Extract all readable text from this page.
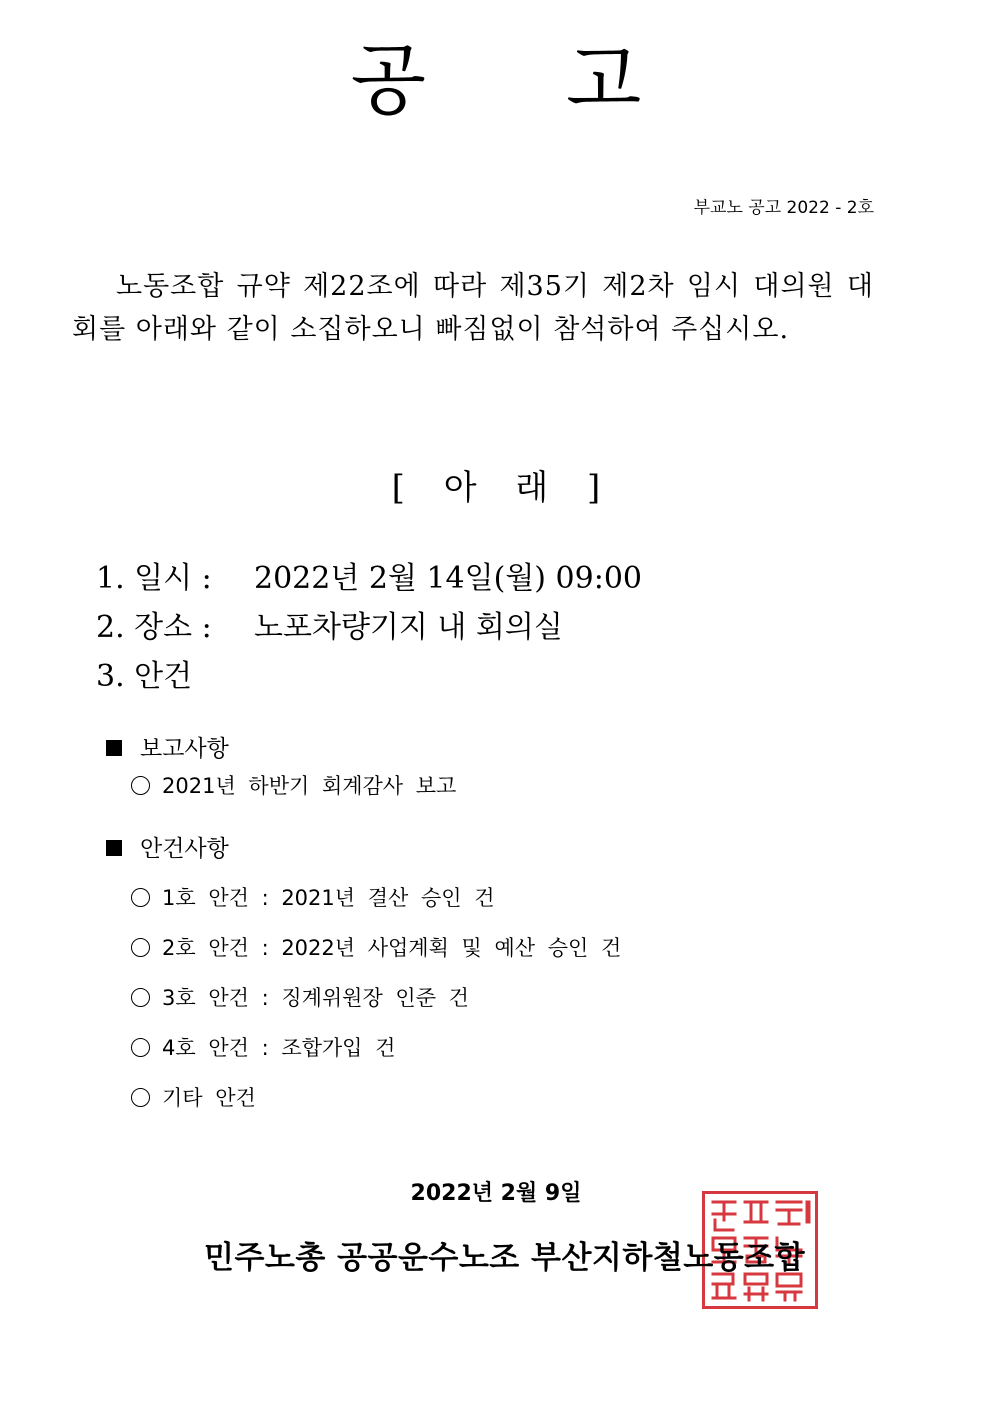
공 고
부교노 공고 2022 - 2호
노동조합 규약 제22조에 따라 제35기 제2차 임시 대의원 대회를 아래와 같이 소집하오니 빠짐없이 참석하여 주십시오.
[ 아 래 ]
1. 일시 : 2022년 2월 14일(월) 09:00
2. 장소 : 노포차량기지 내 회의실
3. 안건
보고사항
2021년 하반기 회계감사 보고
안건사항
1호 안건 : 2021년 결산 승인 건
2호 안건 : 2022년 사업계획 및 예산 승인 건
3호 안건 : 징계위원장 인준 건
4호 안건 : 조합가입 건
기타 안건
2022년 2월 9일
민주노총 공공운수노조 부산지하철노동조합
